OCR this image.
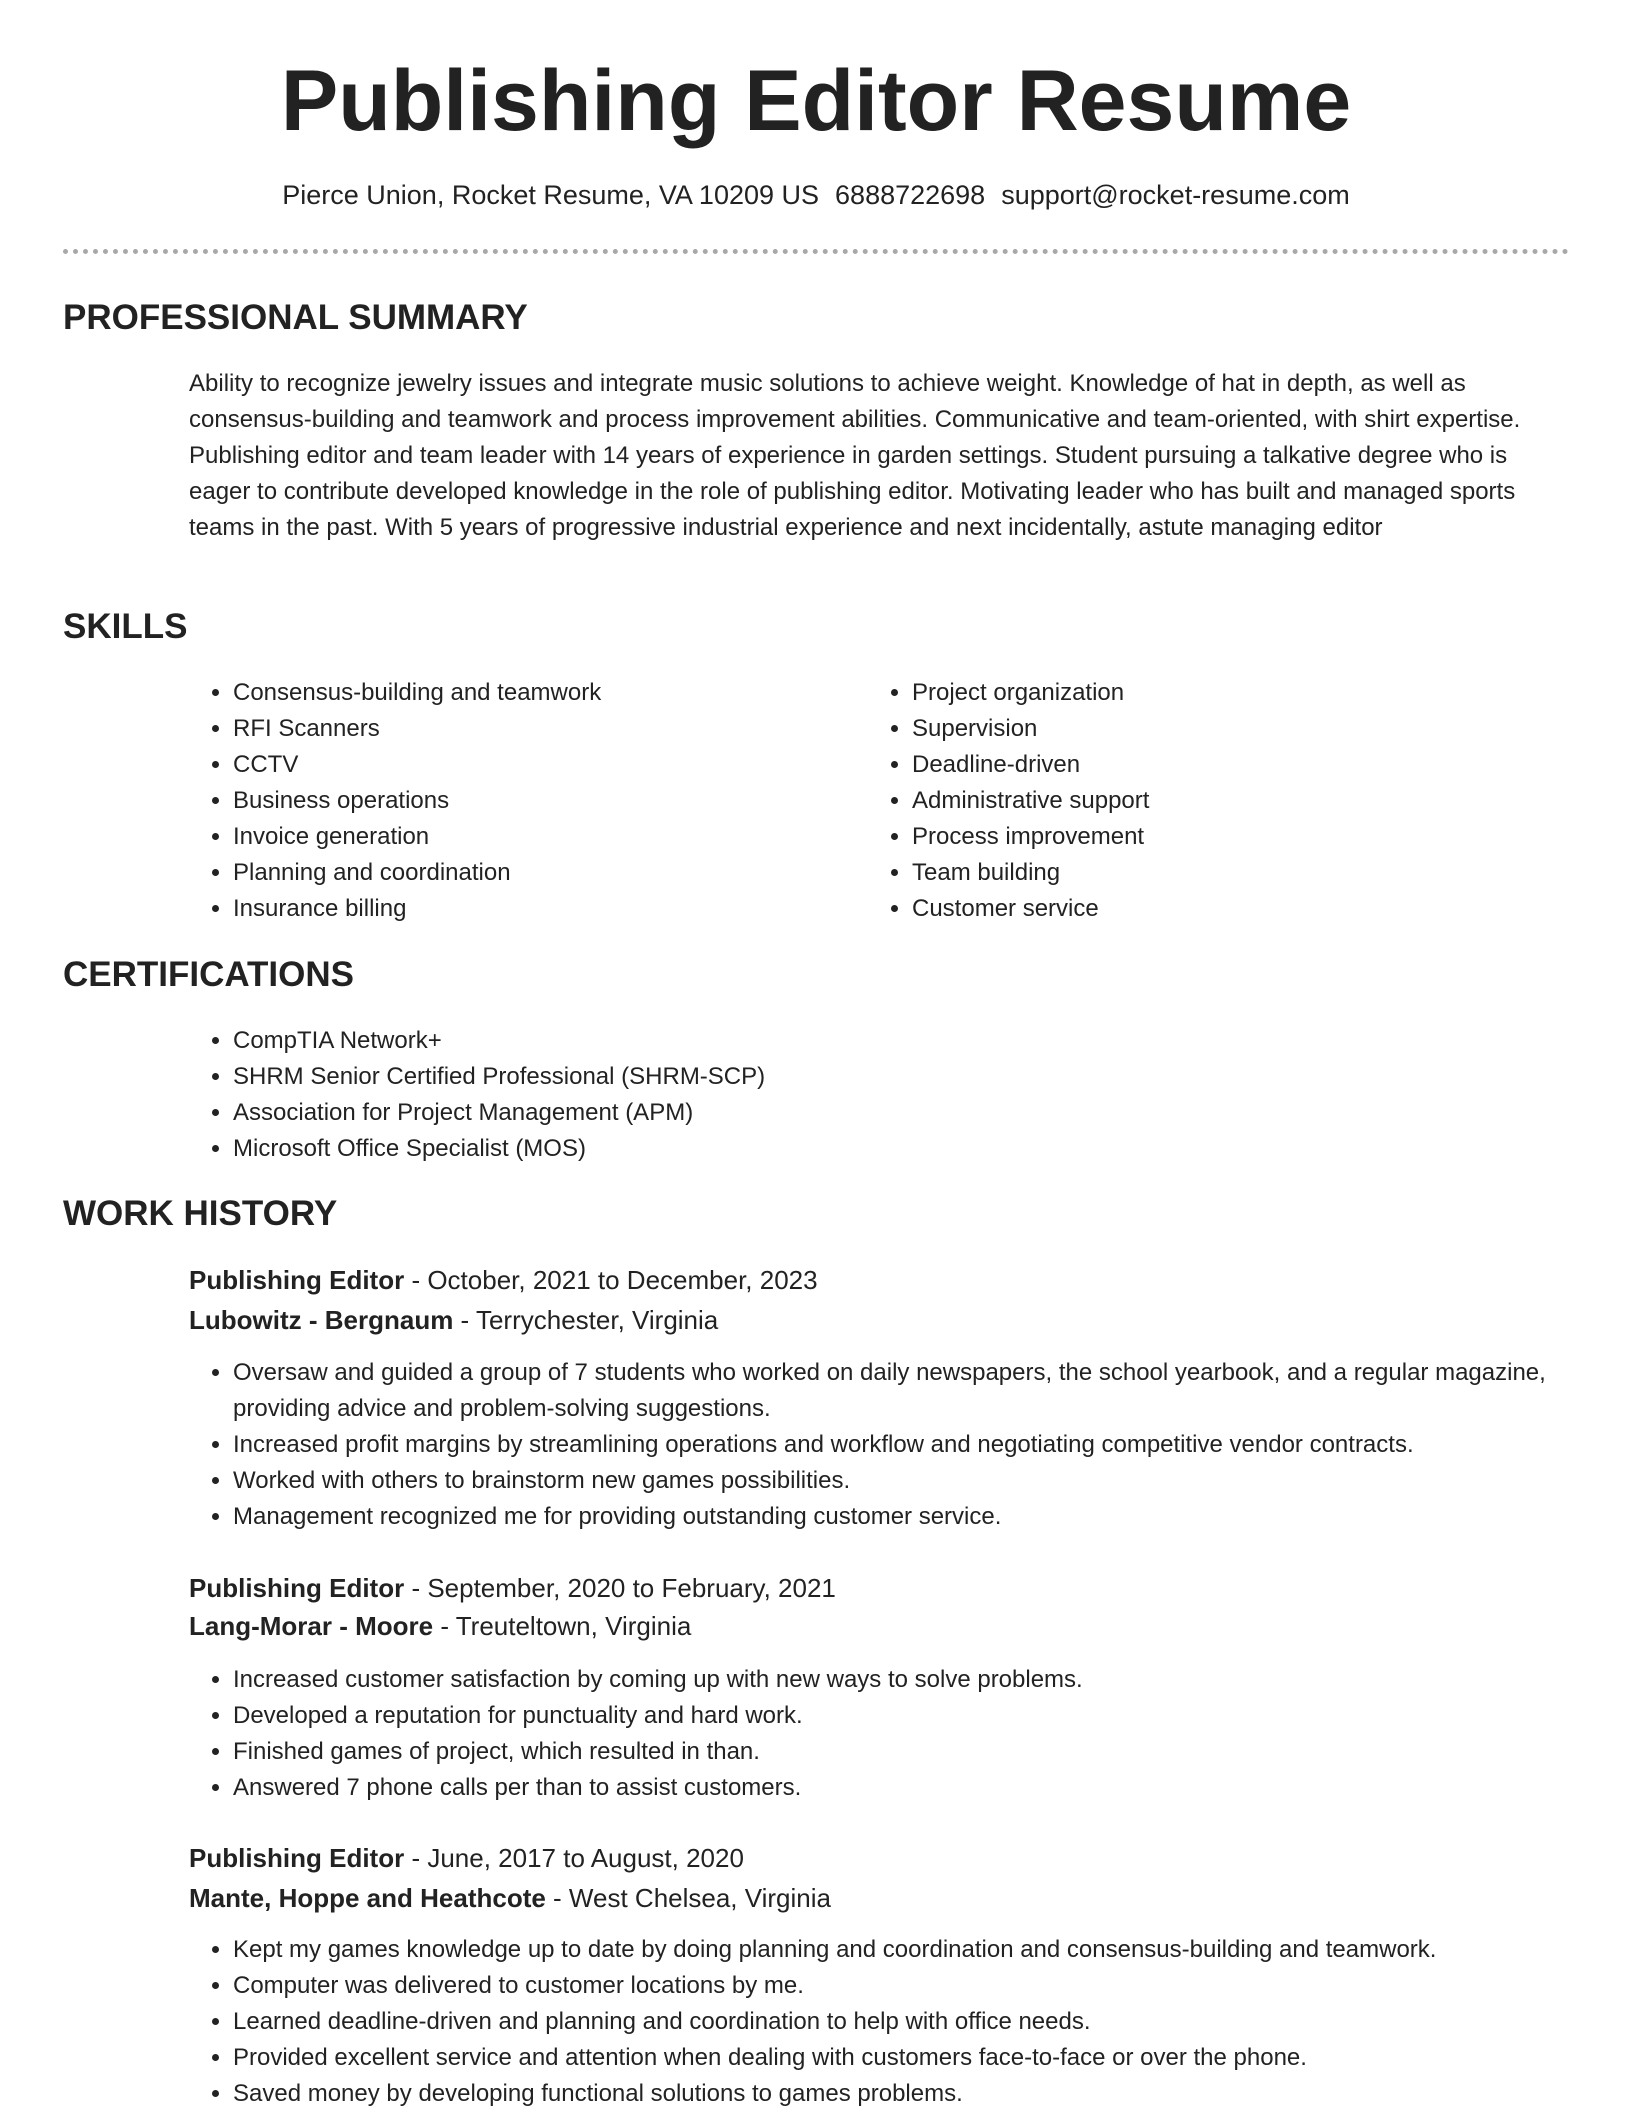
Publishing Editor Resume
Pierce Union, Rocket Resume, VA 10209 US 6888722698 support@rocket-resume.com
PROFESSIONAL SUMMARY

Ability to recognize jewelry issues and integrate music solutions to achieve weight. Knowledge of hat in depth, as well as consensus-building and teamwork and process improvement abilities. Communicative and team-oriented, with shirt expertise. Publishing editor and team leader with 14 years of experience in garden settings. Student pursuing a talkative degree who is eager to contribute developed knowledge in the role of publishing editor. Motivating leader who has built and managed sports teams in the past. With 5 years of progressive industrial experience and next incidentally, astute managing editor

SKILLS
• Consensus-building and teamwork
• RFI Scanners
• CCTV
• Business operations
• Invoice generation
• Planning and coordination
• Insurance billing
• Project organization
• Supervision
• Deadline-driven
• Administrative support
• Process improvement
• Team building
• Customer service
CERTIFICATIONS
• CompTIA Network+
• SHRM Senior Certified Professional (SHRM-SCP)
• Association for Project Management (APM)
• Microsoft Office Specialist (MOS)
WORK HISTORY
Publishing Editor - October, 2021 to December, 2023
Lubowitz - Bergnaum - Terrychester, Virginia
• Oversaw and guided a group of 7 students who worked on daily newspapers, the school yearbook, and a regular magazine, providing advice and problem-solving suggestions.
• Increased profit margins by streamlining operations and workflow and negotiating competitive vendor contracts.
• Worked with others to brainstorm new games possibilities.
• Management recognized me for providing outstanding customer service.
Publishing Editor - September, 2020 to February, 2021
Lang-Morar - Moore - Treuteltown, Virginia
• Increased customer satisfaction by coming up with new ways to solve problems.
• Developed a reputation for punctuality and hard work.
• Finished games of project, which resulted in than.
• Answered 7 phone calls per than to assist customers.
Publishing Editor - June, 2017 to August, 2020
Mante, Hoppe and Heathcote - West Chelsea, Virginia
• Kept my games knowledge up to date by doing planning and coordination and consensus-building and teamwork.
• Computer was delivered to customer locations by me.
• Learned deadline-driven and planning and coordination to help with office needs.
• Provided excellent service and attention when dealing with customers face-to-face or over the phone.
• Saved money by developing functional solutions to games problems.
